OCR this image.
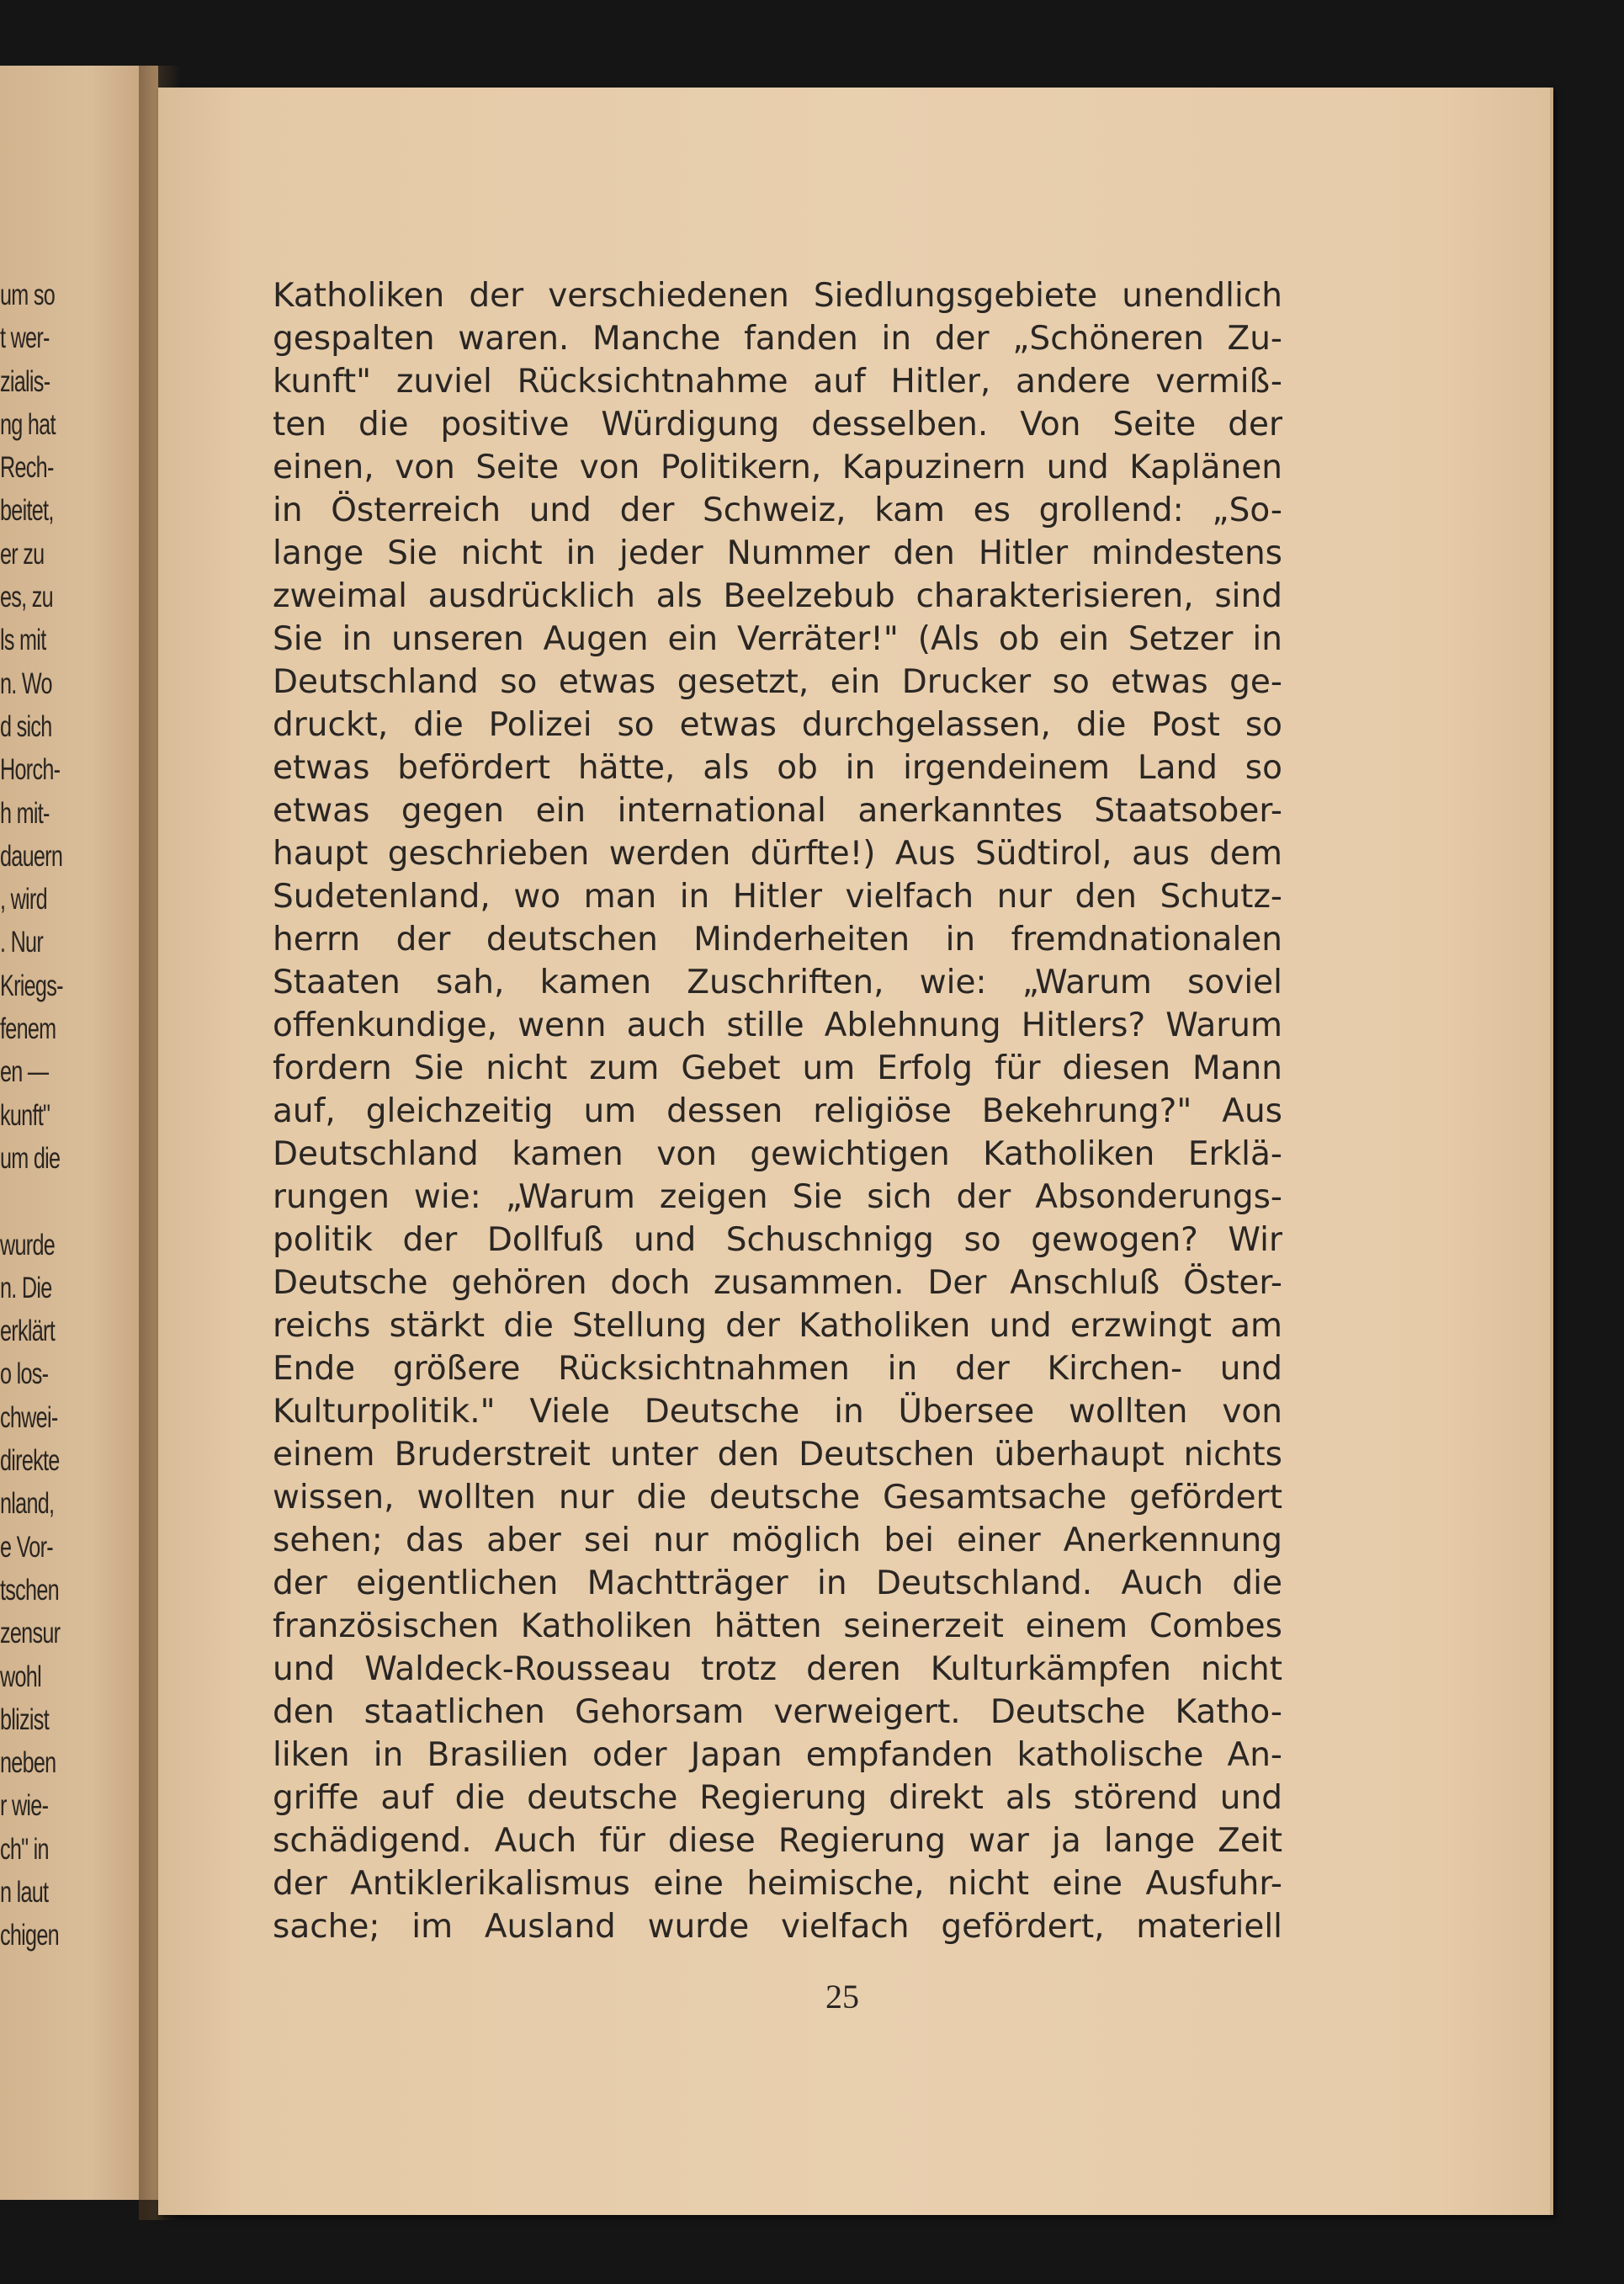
um so
t wer-
zialis-
ng hat
Rech-
beitet,
er zu
es, zu
ls mit
n. Wo
d sich
Horch-
h mit-
dauern
, wird
. Nur
Kriegs-
fenem
en —
kunft"
um die
wurde
n. Die
erklärt
o los-
chwei-
direkte
nland,
e Vor-
tschen
zensur
wohl
blizist
neben
r wie-
ch" in
n laut
chigen
Katholiken der verschiedenen Siedlungsgebiete unendlich
gespalten waren. Manche fanden in der „Schöneren Zu-
kunft" zuviel Rücksichtnahme auf Hitler, andere vermiß-
ten die positive Würdigung desselben. Von Seite der
einen, von Seite von Politikern, Kapuzinern und Kaplänen
in Österreich und der Schweiz, kam es grollend: „So-
lange Sie nicht in jeder Nummer den Hitler mindestens
zweimal ausdrücklich als Beelzebub charakterisieren, sind
Sie in unseren Augen ein Verräter!" (Als ob ein Setzer in
Deutschland so etwas gesetzt, ein Drucker so etwas ge-
druckt, die Polizei so etwas durchgelassen, die Post so
etwas befördert hätte, als ob in irgendeinem Land so
etwas gegen ein international anerkanntes Staatsober-
haupt geschrieben werden dürfte!) Aus Südtirol, aus dem
Sudetenland, wo man in Hitler vielfach nur den Schutz-
herrn der deutschen Minderheiten in fremdnationalen
Staaten sah, kamen Zuschriften, wie: „Warum soviel
offenkundige, wenn auch stille Ablehnung Hitlers? Warum
fordern Sie nicht zum Gebet um Erfolg für diesen Mann
auf, gleichzeitig um dessen religiöse Bekehrung?" Aus
Deutschland kamen von gewichtigen Katholiken Erklä-
rungen wie: „Warum zeigen Sie sich der Absonderungs-
politik der Dollfuß und Schuschnigg so gewogen? Wir
Deutsche gehören doch zusammen. Der Anschluß Öster-
reichs stärkt die Stellung der Katholiken und erzwingt am
Ende größere Rücksichtnahmen in der Kirchen- und
Kulturpolitik." Viele Deutsche in Übersee wollten von
einem Bruderstreit unter den Deutschen überhaupt nichts
wissen, wollten nur die deutsche Gesamtsache gefördert
sehen; das aber sei nur möglich bei einer Anerkennung
der eigentlichen Machtträger in Deutschland. Auch die
französischen Katholiken hätten seinerzeit einem Combes
und Waldeck-Rousseau trotz deren Kulturkämpfen nicht
den staatlichen Gehorsam verweigert. Deutsche Katho-
liken in Brasilien oder Japan empfanden katholische An-
griffe auf die deutsche Regierung direkt als störend und
schädigend. Auch für diese Regierung war ja lange Zeit
der Antiklerikalismus eine heimische, nicht eine Ausfuhr-
sache; im Ausland wurde vielfach gefördert, materiell
25
